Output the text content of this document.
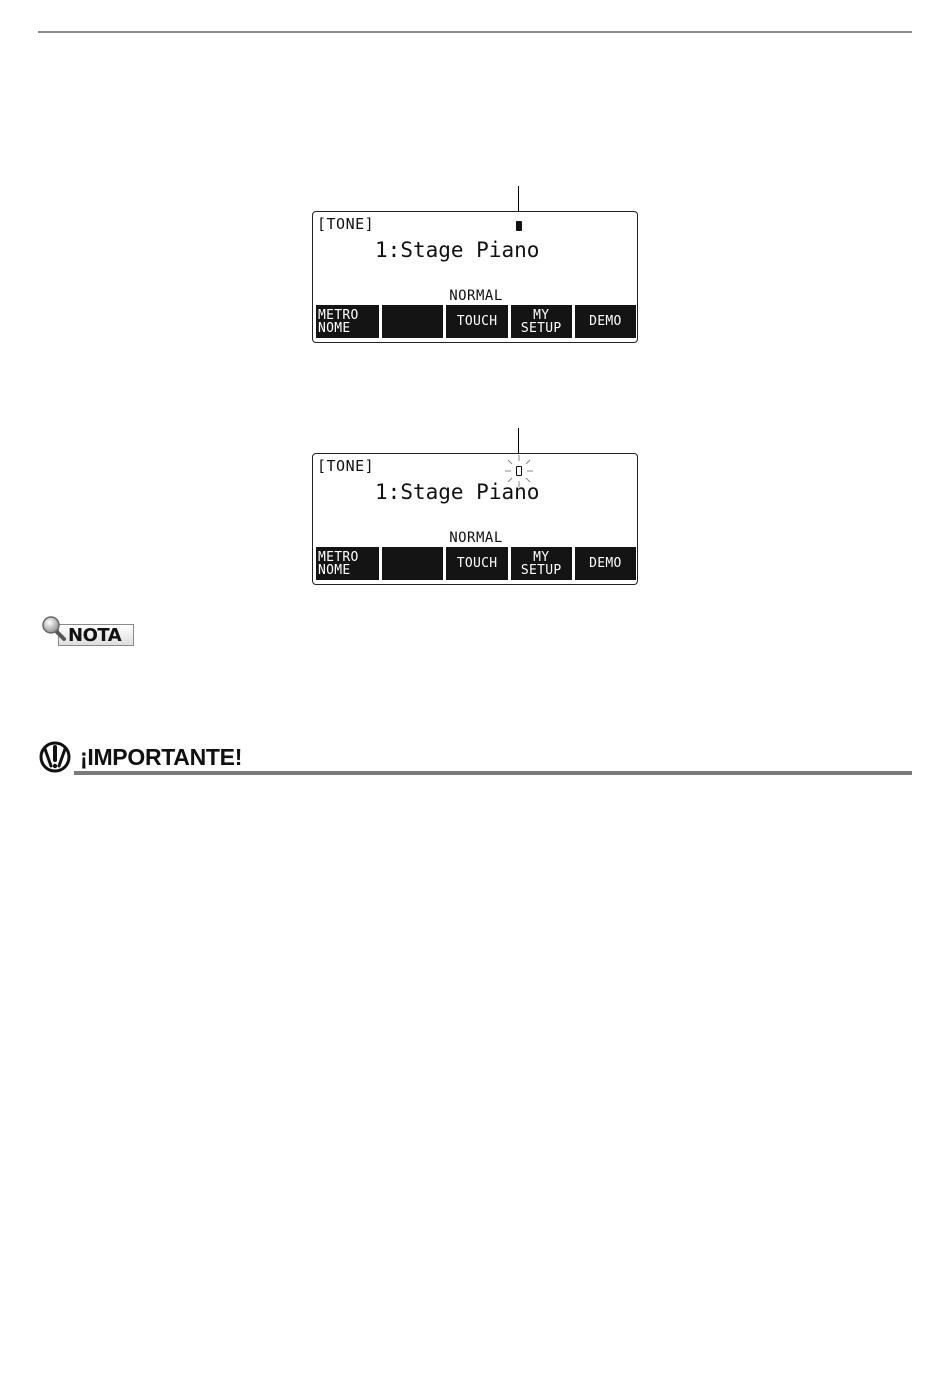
[TONE]
1:Stage Piano
NORMAL
METRO
NOME	TOUCH	MY
SETUP DEMO
[TONE]
1:Stage Piano
NORMAL
METRO
NOME	TOUCH	MY
SETUP DEMO
NOTA
¡IMPORTANTE!
